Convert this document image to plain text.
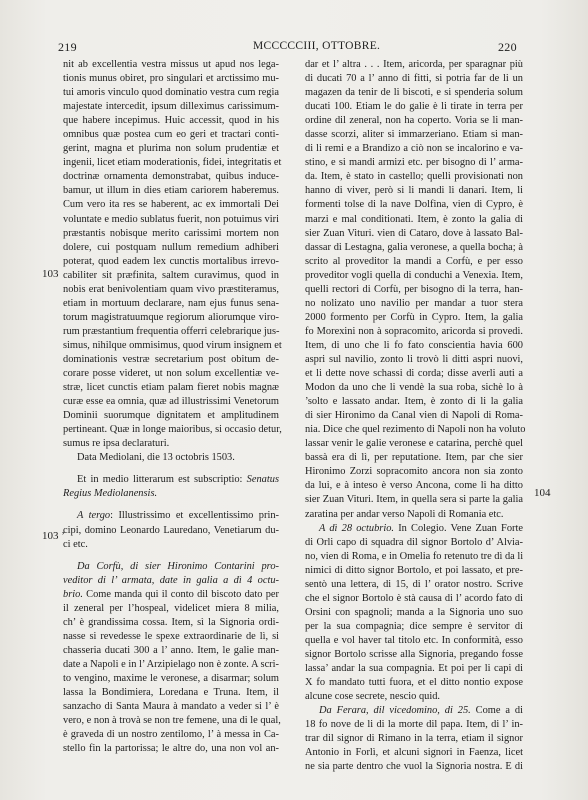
219	MCCCCCIII, OTTOBRE.	220
103
103 ’
104
nit ab excellentia vestra missus ut apud nos lega-
tionis munus obiret, pro singulari et arctissimo mu-
tui amoris vinculo quod dominatio vestra cum regia
majestate intercedit, ipsum dilleximus carissimum-
que habere incepimus. Huic accessit, quod in his
omnibus quæ postea cum eo geri et tractari conti-
gerint, magna et plurima non solum prudentiæ et
ingenii, licet etiam moderationis, fidei, integritatis et
doctrinæ ornamenta demonstrabat, quibus induce-
bamur, ut illum in dies etiam cariorem haberemus.
Cum vero ita res se haberent, ac ex immortali Dei
voluntate e medio sublatus fuerit, non potuimus viri
præstantis nobisque merito carissimi mortem non
dolere, cui postquam nullum remedium adhiberi
poterat, quod eadem lex cunctis mortalibus irrevo-
cabiliter sit præfinita, saltem curavimus, quod in
nobis erat benivolentiam quam vivo præstiteramus,
etiam in mortuum declarare, nam ejus funus sena-
torum magistratuumque regiorum aliorumque viro-
rum præstantium frequentia offerri celebrarique jus-
simus, nihilque ommisimus, quod virum insignem et
dominationis vestræ secretarium post obitum de-
corare posse videret, ut non solum excellentiæ ve-
stræ, licet cunctis etiam palam fieret nobis magnæ
curæ esse ea omnia, quæ ad illustrissimi Venetorum
Dominii suorumque dignitatem et amplitudinem
pertineant. Quæ in longe maioribus, si occasio detur,
sumus re ipsa declaraturi.
Data Mediolani, die 13 octobris 1503.
Et in medio litterarum est subscriptio: Senatus
Regius Mediolanensis.
A tergo: Illustrissimo et excellentissimo prin-
cipi, domino Leonardo Lauredano, Venetiarum du-
ci etc.
Da Corfù, di sier Hironimo Contarini pro-
veditor di l’ armata, date in galia a dì 4 octu-
brio. Come manda qui il conto dil biscoto dato per
il zeneral per l’hospeal, videlicet miera 8 milia,
ch’ è grandissima cossa. Item, sì la Signoria ordi-
nasse si revedesse le spexe extraordinarie de lì, si
chasseria ducati 300 a l’ anno. Item, le galie man-
date a Napoli e in l’ Arzipielago non è zonte. A scri-
to vengino, maxime le veronese, a disarmar; solum
lassa la Bondimiera, Loredana e Truna. Item, il
sanzacho di Santa Maura à mandato a veder si l’ è
vero, e non à trovà se non tre femene, una di le qual,
è graveda di un nostro zentilomo, l’ à messa in Ca-
stello fin la partorissa; le altre do, una non vol an-
dar et l’ altra . . . Item, aricorda, per sparagnar più
di ducati 70 a l’ anno di fitti, si potria far de li un
magazen da tenir de li biscoti, e si spenderia solum
ducati 100. Etiam le do galie è li tirate in terra per
ordine dil zeneral, non ha coperto. Voria se li man-
dasse scorzi, aliter si immarzeriano. Etiam si man-
di li remi e a Brandizo a ciò non se incalorino e va-
stino, e si mandi armizi etc. per bisogno di l’ arma-
da. Item, è stato in castello; quelli provisionati non
hanno di viver, però si li mandi li danari. Item, li
formenti tolse di la nave Dolfina, vien di Cypro, è
marzi e mal conditionati. Item, è zonto la galia di
sier Zuan Vituri. vien di Cataro, dove à lassato Bal-
dassar di Lestagna, galia veronese, a quella bocha; à
scrito al proveditor la mandi a Corfù, e per esso
proveditor vogli quella di conduchi a Venexia. Item,
quelli rectori di Corfù, per bisogno di la terra, han-
no nolizato uno navilio per mandar a tuor stera
2000 formento per Corfù in Cypro. Item, la galia
fo Morexini non à sopracomito, aricorda si provedi.
Item, di uno che li fo fato conscientia havia 600
aspri sul navilio, zonto li trovò li ditti aspri nuovi,
et li dette nove schassi di corda; disse averli auti a
Modon da uno che li vendè la sua roba, sichè lo à
’solto e lassato andar. Item, è zonto di li la galia
di sier Hironimo da Canal vien di Napoli di Roma-
nia. Dice che quel rezimento di Napoli non ha voluto
lassar venir le galie veronese e catarina, perchè quel
bassà era di lì, per reputatione. Item, par che sier
Hironimo Zorzi sopracomito ancora non sia zonto
da lui, e à inteso è verso Ancona, come li ha ditto
sier Zuan Vituri. Item, in quella sera si parte la galia
zaratina per andar verso Napoli di Romania etc.
A dì 28 octubrio. In Colegio. Vene Zuan Forte
di Orli capo di squadra dil signor Bortolo d’ Alvia-
no, vien di Roma, e in Omelia fo retenuto tre dì da li
nimici di ditto signor Bortolo, et poi lassato, et pre-
sentò una lettera, di 15, di l’ orator nostro. Scrive
che el signor Bortolo è stà causa di l’ acordo fato di
Orsini con spagnoli; manda a la Signoria uno suo
per la sua compagnia; dice sempre è servitor di
quella e vol haver tal titolo etc. In conformità, esso
signor Bortolo scrisse alla Signoria, pregando fosse
lassa’ andar la sua compagnia. Et poi per li capi di
X fo mandato tutti fuora, et el ditto nontio expose
alcune cose secrete, nescio quid.
Da Ferara, dil vicedomino, di 25. Come a di
18 fo nove de li di la morte dil papa. Item, di l’ in-
trar dil signor di Rimano in la terra, etiam il signor
Antonio in Forlì, et alcuni signori in Faenza, licet
ne sia parte dentro che vuol la Signoria nostra. E di
